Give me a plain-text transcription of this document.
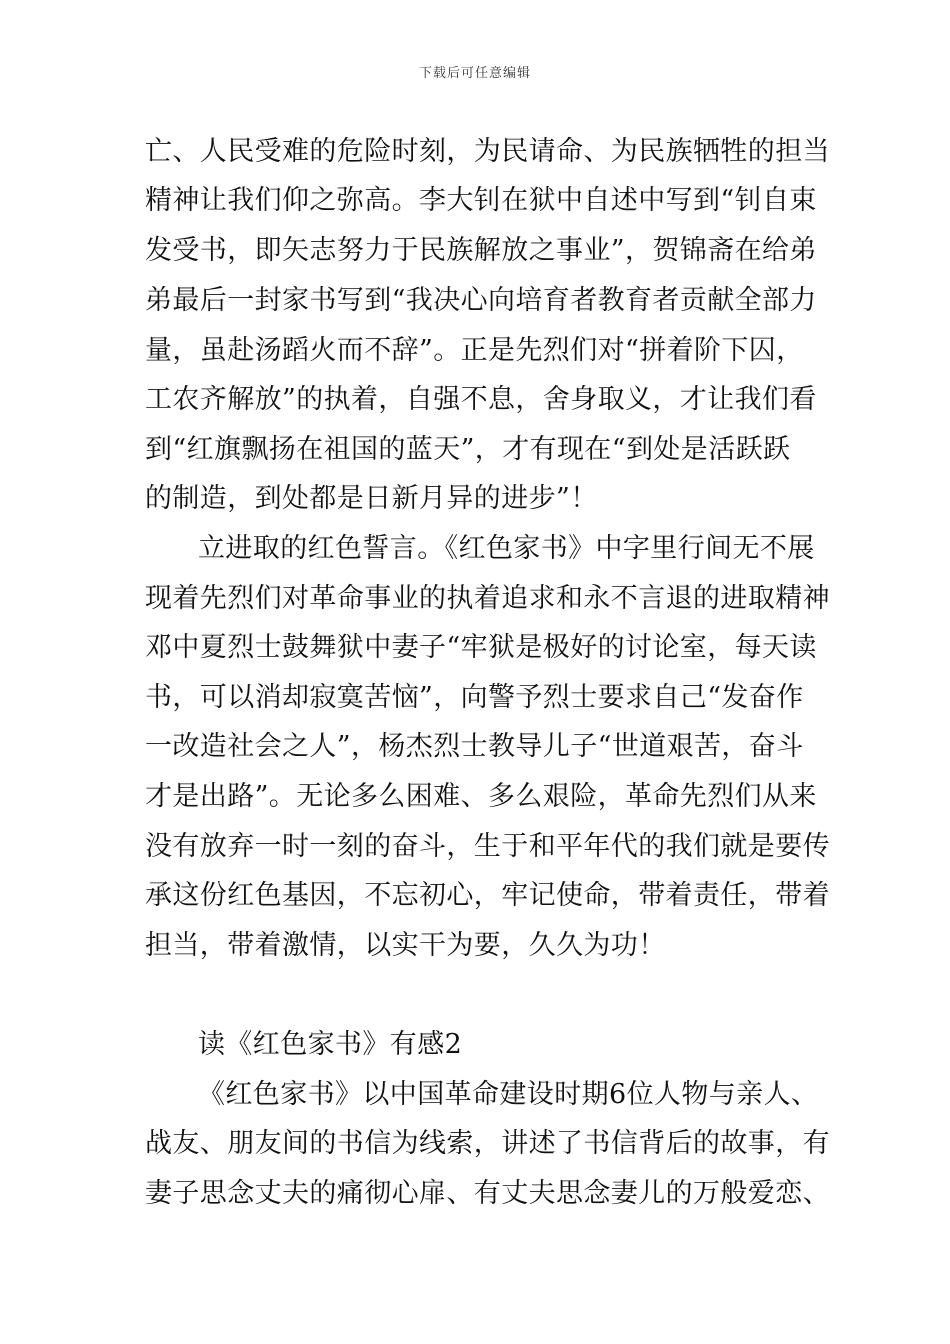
下载后可任意编辑
亡、人民受难的危险时刻，为民请命、为民族牺牲的担当
精神让我们仰之弥高。李大钊在狱中自述中写到“钊自束
发受书，即矢志努力于民族解放之事业”，贺锦斋在给弟
弟最后一封家书写到“我决心向培育者教育者贡献全部力
量，虽赴汤蹈火而不辞”。正是先烈们对“拼着阶下囚，
工农齐解放”的执着，自强不息，舍身取义，才让我们看
到“红旗飘扬在祖国的蓝天”，才有现在“到处是活跃跃
的制造，到处都是日新月异的进步”！
立进取的红色誓言。《红色家书》中字里行间无不展
现着先烈们对革命事业的执着追求和永不言退的进取精神
邓中夏烈士鼓舞狱中妻子“牢狱是极好的讨论室，每天读
书，可以消却寂寞苦恼”，向警予烈士要求自己“发奋作
一改造社会之人”，杨杰烈士教导儿子“世道艰苦，奋斗
才是出路”。无论多么困难、多么艰险，革命先烈们从来
没有放弃一时一刻的奋斗，生于和平年代的我们就是要传
承这份红色基因，不忘初心，牢记使命，带着责任，带着
担当，带着激情，以实干为要，久久为功！
读《红色家书》有感2
《红色家书》以中国革命建设时期6位人物与亲人、
战友、朋友间的书信为线索，讲述了书信背后的故事，有
妻子思念丈夫的痛彻心扉、有丈夫思念妻儿的万般爱恋、
